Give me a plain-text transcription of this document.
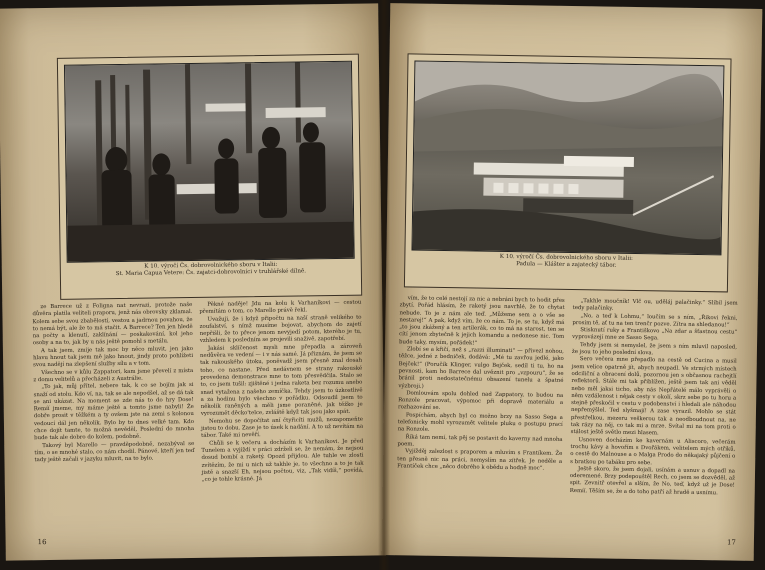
K 10. výročí Čs. dobrovolnického sboru v Italii:
St. Maria Capua Vetere: Čs. zajatci-dobrovolníci v truhlářské dílně.

ze Barrece už z Foligna nat nevrazi, protože naše důvěra platila veliteli praporu, jenž nás obrovsky zklamal. Kolem sebe svou zbabělostí, vestou a jadrnou povahou, že to nemá být, ale že to má stačit. A Barrece? Ten jen hledě na počty a klenutí, zaklínání — poskakování, kol jeho osoby a na to, jak by u nás ještě pomohl s metálu.

A tak jsem, zmije tak moc by něco mluvit, jen jako hlavu hnout tak jsem mě jako hnout, jindy proto pohlížeti svou nadějí na zlepšení služby sílu a v tom.

Všechno se v kůlu Zappatori, kam jsme převelí z místa z domu velitelů a přecházeli z Austrálie.

„To jak, můj přítel, nebere tak, k co se bojím jak si snaží od stolu. Kdo ví, na, tak se ale nepodšel, až se dá tak se ani ukázat. Na moment se zde nás to do hry Dose! Remíí jmeme, my máme ještě a tomto jsme nabyli! Že dobře prosit v těžkém a ty ovšem jste na zemi s kolonou vedoucí dál jen několik. Bylo by to dnes velké tam. Kdo chce dojít tamte, to možná nevěděl, Poslední do mnoha bude tak ale dobro do kolem, podobně.

Takový byl Marello — pravděpodobně, nezabýval se tím, o se mnohé stalo, co nám chodil. Pánové, kteří jen teď tady ještě začali v jazyku mluvit, na to bylo.

Pěkné naděje! Jdu na kolu k Varhaníkovi — cestou přemítám o tom, co Marello právě řekl.

Uvažuji, že i když připočtu na naší straně velikého to zoufalství, s nímž musíme bojovat, abychom do zajetí nepřišli, že to přece jenom nevyjedí potom, kterého je tu, vzhledem k posledním se projevili snaživě, zapotřebí.

Jakási sklíčenost mysli mne přepadla a zároveň nedůvěra ve vedení — i v nás samé. Já přiznám, že jsem se tak rakouského útoku, poněvadž jsem přesně znal dosah toho, co nastane. Před nedávnem se strany rakouské provedena demonstrace mne to tom přesvědčila. Stalo se to, co jsem tušil: zjištěné i jedna raketa bez rozumu anebo snad vytažena z našeho zemíčka. Tehdy jsem to úzkostlivě a za hodinu bylo všechno v pořádku. Odsoudil jsem to několik raněných a měli jsme poraněné, jak těžko je vyrozumět děcko'telce, zvláště když tak jsou jako spát.

Nemohu se dopočítat aní čtyřicíti mužů, nezapomeňte jistou to dobu. Zase je to úsek k nadání. A to už nevítám na tábor. Také mi nevěří.

Chůli se k večeru a docházím k Varhaníkovi. Je před Tunelem a vyjíždí v práci zdrželi se, že nemám, že nejsou dosud bombí a raketý. Opozd přijdou. Ale tuhle ve zlosti zvítězím, že mi u nich už takhle je, to všechno a to je tak jistě a snazší Eh, nejsou počtou, viz, „Tak vidíš,“ povídá, „co je tohle krásné. Já

16
K 10. výročí Čs. dobrovolnického sboru v Italii:
Padula — Klášter a zajatecký tábor.

vím, že to celé nestojí za nic a nebráni bych to hodit přes zbytí. Pořád hlásím, že raketý jsou navrhlé, že to chytat nebude. To je z nám ale teď. „Můžeme sem a o vše se nestarej!“ A pak, když vím, že co nám. To je, se tu, když má „to jsou zkážený a ten artilerák, co to má na starost, ten se cítí jenom zbytečně k jejich komandu a nedonese nic. Tom bude taky, mysím, pořádek!“

Zlobí se a křičí, než s „razzi illuminati“ — přivezl nohou, těžce, jedné z bedniček, dodává: „Mé tu zavřou jedlé, jako Bejček!“ (Poručík Klinger, vulgo Bejček, sedíl ti tu, ho na pevnosti, kam ho Barrece dal uvěznit pro „vzpouru“, že se bránil proti nedostatečnému obsazení tunelu a špatné výzbroji.)

Domlouvám spolu dohled nad Zappatory, to budou na Ronzole pracovat, výpomoc při dopravě materiálu a rozhazování se.

Pospíchám, abych byl co možno brzy na Sasso Sega a telefonicky mohl vyrozumět velitele pluku o postupu prací na Ronzole.

Říká tam nemí, tak pěj se postavit do kaverny nad mnoha poem.

Vyjížděj zalezlost s praporem a mluvím s Frantíkem. Že ten přesně nic na práci, nemyslím na zítřek. Je neděle a Frantíček chce „něco dobrého k obědu a hodně moc“.

„Takhle moučník! Vlč ou, uděláj palačinky.“ Slíbil jsem tedy palačinky.

„No, a teď k Lohmu,“ loučím se s ním, „Řikovi řekni, prosím tě, ať tu na ten trenčr pozve. Zítra na shledanou!“

Stisknutí ruky a Františkovo „Na zdar a šťastnou cestu“ vyprovázejí mne ze Sasso Sega.

Tehdy jsem si nemyslel, že jsem s ním mluvil naposled, že jsou to jeho poslední slova.

Sero večera mne přepadlo na cestě od Cucina a musil jsem velice opatrně jít, abych neupadl. Ve strmých místech odciliční a obracení dolů, pozornou jen s občasnou rachejtlí reflektorů. Stále mi tak přiblížen, ještě jsem tak ani věděl nebo měl jaksi ticho, aby nás Nepřátelé málo vyprávěli o něm vzdálenost i nějak cesty v okolí, skrz sebe po tu horu a stejně přeskočil v cestu v podobenství i hledali ale náhodou nepřemýšlel. Ted slyšmají! A zase vyrazil. Mohlo se stát přestřelkou, mezeru veškerou tak a neodboudnout na, ne tak rázy na něj, co tak mi a mrze. Svítal mi na tom proti o stálost ještě světlo mezi hlasem.

Usnoven docházím ke kavernám u Aliscoro, večerám trochu kávy a hovořím s Dvořákem, velitelem mých otřiků, o cestě do Malnouse a o Malga Prodo do někajaký půjčení o s bratkou po tabáku pro sebe.

Ještě skoro, že jsem dojali, usínám a usnuv a dopadl na oderemené. Brzy podepouštěl Rech, co jsem se dozvěděl, až spit. Zevnitř otevřel a slším, že No, teď, když už je Dose! Remíí. Těším se, že a do toho patří až hradě a usnímu.

17
